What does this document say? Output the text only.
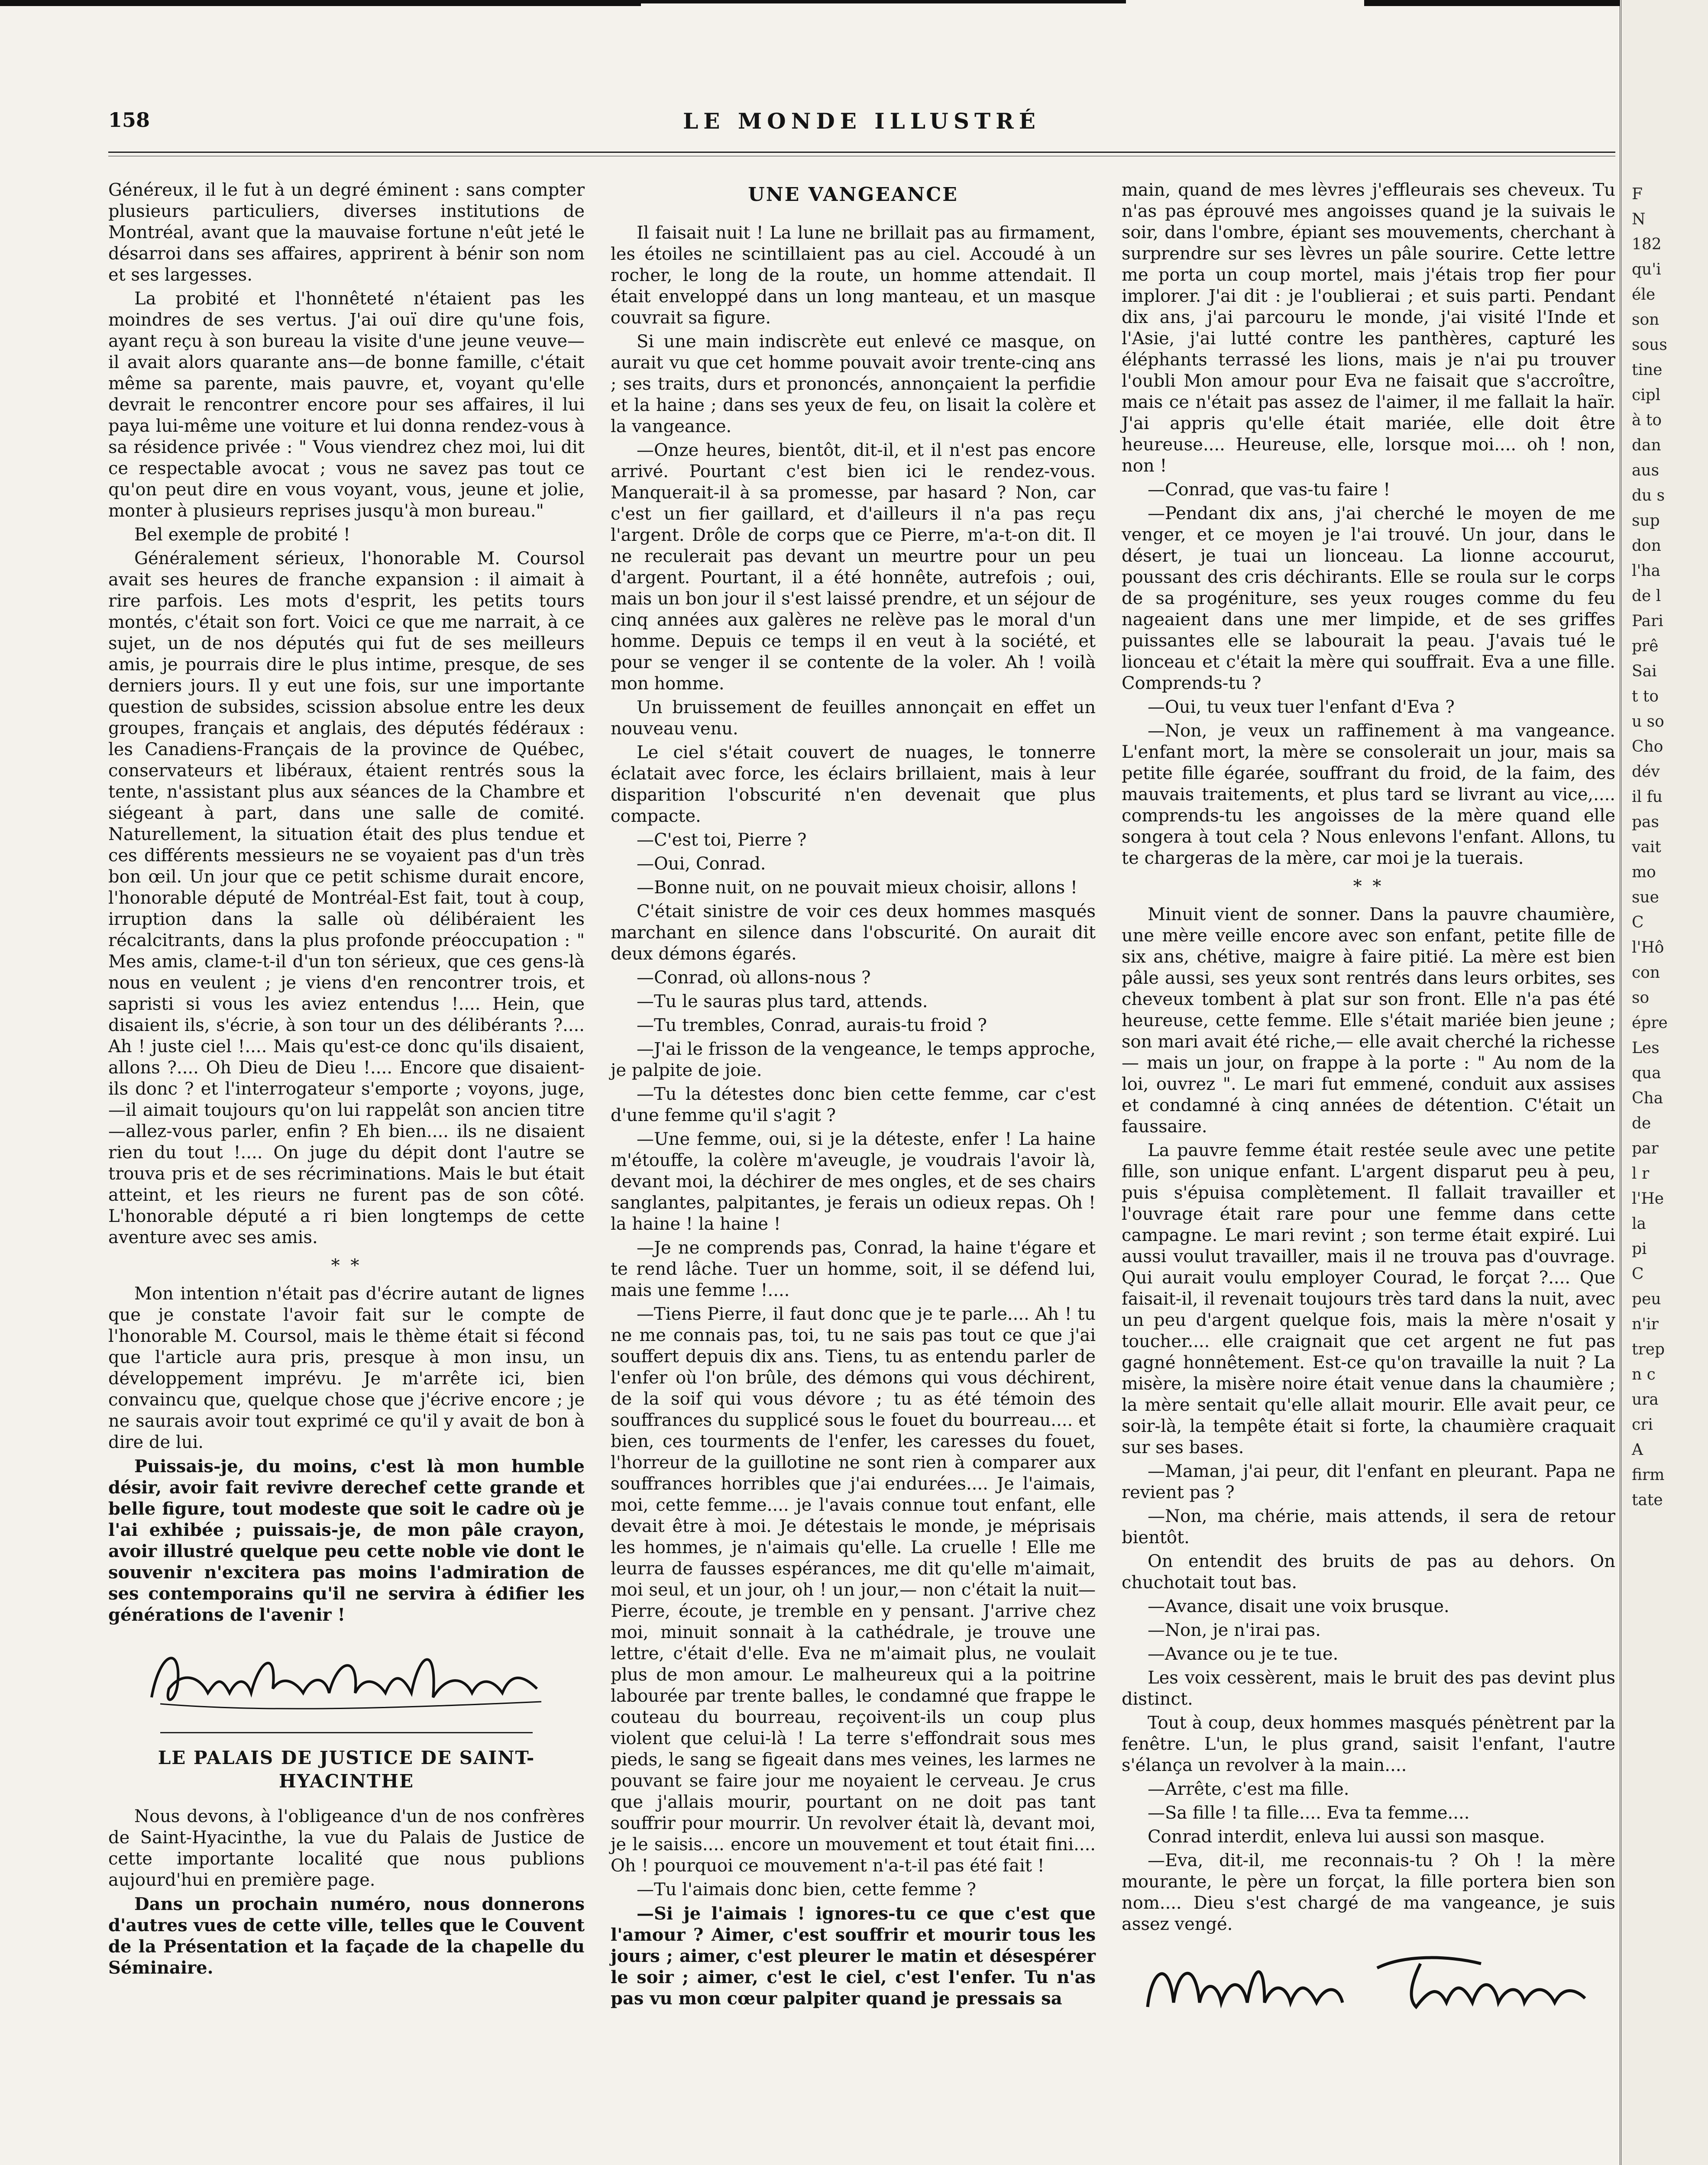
158	LE MONDE ILLUSTRÉ

Généreux, il le fut à un degré éminent : sans compter plusieurs particuliers, diverses institutions de Montréal, avant que la mauvaise fortune n'eût jeté le désarroi dans ses affaires, apprirent à bénir son nom et ses largesses.

La probité et l'honnêteté n'étaient pas les moindres de ses vertus. J'ai ouï dire qu'une fois, ayant reçu à son bureau la visite d'une jeune veuve—il avait alors quarante ans—de bonne famille, c'était même sa parente, mais pauvre, et, voyant qu'elle devrait le rencontrer encore pour ses affaires, il lui paya lui-même une voiture et lui donna rendez-vous à sa résidence privée : " Vous viendrez chez moi, lui dit ce respectable avocat ; vous ne savez pas tout ce qu'on peut dire en vous voyant, vous, jeune et jolie, monter à plusieurs reprises jusqu'à mon bureau."

Bel exemple de probité !

Généralement sérieux, l'honorable M. Coursol avait ses heures de franche expansion : il aimait à rire parfois. Les mots d'esprit, les petits tours montés, c'était son fort. Voici ce que me narrait, à ce sujet, un de nos députés qui fut de ses meilleurs amis, je pourrais dire le plus intime, presque, de ses derniers jours. Il y eut une fois, sur une importante question de subsides, scission absolue entre les deux groupes, français et anglais, des députés fédéraux : les Canadiens-Français de la province de Québec, conservateurs et libéraux, étaient rentrés sous la tente, n'assistant plus aux séances de la Chambre et siégeant à part, dans une salle de comité. Naturellement, la situation était des plus tendue et ces différents messieurs ne se voyaient pas d'un très bon œil. Un jour que ce petit schisme durait encore, l'honorable député de Montréal-Est fait, tout à coup, irruption dans la salle où délibéraient les récalcitrants, dans la plus profonde préoccupation : " Mes amis, clame-t-il d'un ton sérieux, que ces gens-là nous en veulent ; je viens d'en rencontrer trois, et sapristi si vous les aviez entendus !.... Hein, que disaient ils, s'écrie, à son tour un des délibérants ?.... Ah ! juste ciel !.... Mais qu'est-ce donc qu'ils disaient, allons ?.... Oh Dieu de Dieu !.... Encore que disaient-ils donc ? et l'interrogateur s'emporte ; voyons, juge, —il aimait toujours qu'on lui rappelât son ancien titre—allez-vous parler, enfin ? Eh bien.... ils ne disaient rien du tout !.... On juge du dépit dont l'autre se trouva pris et de ses récriminations. Mais le but était atteint, et les rieurs ne furent pas de son côté. L'honorable député a ri bien longtemps de cette aventure avec ses amis.

* *

Mon intention n'était pas d'écrire autant de lignes que je constate l'avoir fait sur le compte de l'honorable M. Coursol, mais le thème était si fécond que l'article aura pris, presque à mon insu, un développement imprévu. Je m'arrête ici, bien convaincu que, quelque chose que j'écrive encore ; je ne saurais avoir tout exprimé ce qu'il y avait de bon à dire de lui.

Puissais-je, du moins, c'est là mon humble désir, avoir fait revivre derechef cette grande et belle figure, tout modeste que soit le cadre où je l'ai exhibée ; puissais-je, de mon pâle crayon, avoir illustré quelque peu cette noble vie dont le souvenir n'excitera pas moins l'admiration de ses contemporains qu'il ne servira à édifier les générations de l'avenir !

LE PALAIS DE JUSTICE DE SAINT-HYACINTHE

Nous devons, à l'obligeance d'un de nos confrères de Saint-Hyacinthe, la vue du Palais de Justice de cette importante localité que nous publions aujourd'hui en première page.

Dans un prochain numéro, nous donnerons d'autres vues de cette ville, telles que le Couvent de la Présentation et la façade de la chapelle du Séminaire.

UNE VANGEANCE

Il faisait nuit ! La lune ne brillait pas au firmament, les étoiles ne scintillaient pas au ciel. Accoudé à un rocher, le long de la route, un homme attendait. Il était enveloppé dans un long manteau, et un masque couvrait sa figure.

Si une main indiscrète eut enlevé ce masque, on aurait vu que cet homme pouvait avoir trente-cinq ans ; ses traits, durs et prononcés, annonçaient la perfidie et la haine ; dans ses yeux de feu, on lisait la colère et la vangeance.

—Onze heures, bientôt, dit-il, et il n'est pas encore arrivé. Pourtant c'est bien ici le rendez-vous. Manquerait-il à sa promesse, par hasard ? Non, car c'est un fier gaillard, et d'ailleurs il n'a pas reçu l'argent. Drôle de corps que ce Pierre, m'a-t-on dit. Il ne reculerait pas devant un meurtre pour un peu d'argent. Pourtant, il a été honnête, autrefois ; oui, mais un bon jour il s'est laissé prendre, et un séjour de cinq années aux galères ne relève pas le moral d'un homme. Depuis ce temps il en veut à la société, et pour se venger il se contente de la voler. Ah ! voilà mon homme.

Un bruissement de feuilles annonçait en effet un nouveau venu.

Le ciel s'était couvert de nuages, le tonnerre éclatait avec force, les éclairs brillaient, mais à leur disparition l'obscurité n'en devenait que plus compacte.

—C'est toi, Pierre ?

—Oui, Conrad.

—Bonne nuit, on ne pouvait mieux choisir, allons !

C'était sinistre de voir ces deux hommes masqués marchant en silence dans l'obscurité. On aurait dit deux démons égarés.

—Conrad, où allons-nous ?

—Tu le sauras plus tard, attends.

—Tu trembles, Conrad, aurais-tu froid ?

—J'ai le frisson de la vengeance, le temps approche, je palpite de joie.

—Tu la détestes donc bien cette femme, car c'est d'une femme qu'il s'agit ?

—Une femme, oui, si je la déteste, enfer ! La haine m'étouffe, la colère m'aveugle, je voudrais l'avoir là, devant moi, la déchirer de mes ongles, et de ses chairs sanglantes, palpitantes, je ferais un odieux repas. Oh ! la haine ! la haine !

—Je ne comprends pas, Conrad, la haine t'égare et te rend lâche. Tuer un homme, soit, il se défend lui, mais une femme !....

—Tiens Pierre, il faut donc que je te parle.... Ah ! tu ne me connais pas, toi, tu ne sais pas tout ce que j'ai souffert depuis dix ans. Tiens, tu as entendu parler de l'enfer où l'on brûle, des démons qui vous déchirent, de la soif qui vous dévore ; tu as été témoin des souffrances du supplicé sous le fouet du bourreau.... et bien, ces tourments de l'enfer, les caresses du fouet, l'horreur de la guillotine ne sont rien à comparer aux souffrances horribles que j'ai endurées.... Je l'aimais, moi, cette femme.... je l'avais connue tout enfant, elle devait être à moi. Je détestais le monde, je méprisais les hommes, je n'aimais qu'elle. La cruelle ! Elle me leurra de fausses espérances, me dit qu'elle m'aimait, moi seul, et un jour, oh ! un jour,— non c'était la nuit—Pierre, écoute, je tremble en y pensant. J'arrive chez moi, minuit sonnait à la cathédrale, je trouve une lettre, c'était d'elle. Eva ne m'aimait plus, ne voulait plus de mon amour. Le malheureux qui a la poitrine labourée par trente balles, le condamné que frappe le couteau du bourreau, reçoivent-ils un coup plus violent que celui-là ! La terre s'effondrait sous mes pieds, le sang se figeait dans mes veines, les larmes ne pouvant se faire jour me noyaient le cerveau. Je crus que j'allais mourir, pourtant on ne doit pas tant souffrir pour mourrir. Un revolver était là, devant moi, je le saisis.... encore un mouvement et tout était fini.... Oh ! pourquoi ce mouvement n'a-t-il pas été fait !

—Tu l'aimais donc bien, cette femme ?

—Si je l'aimais ! ignores-tu ce que c'est que l'amour ? Aimer, c'est souffrir et mourir tous les jours ; aimer, c'est pleurer le matin et désespérer le soir ; aimer, c'est le ciel, c'est l'enfer. Tu n'as pas vu mon cœur palpiter quand je pressais sa

main, quand de mes lèvres j'effleurais ses cheveux. Tu n'as pas éprouvé mes angoisses quand je la suivais le soir, dans l'ombre, épiant ses mouvements, cherchant à surprendre sur ses lèvres un pâle sourire. Cette lettre me porta un coup mortel, mais j'étais trop fier pour implorer. J'ai dit : je l'oublierai ; et suis parti. Pendant dix ans, j'ai parcouru le monde, j'ai visité l'Inde et l'Asie, j'ai lutté contre les panthères, capturé les éléphants terrassé les lions, mais je n'ai pu trouver l'oubli Mon amour pour Eva ne faisait que s'accroître, mais ce n'était pas assez de l'aimer, il me fallait la haïr. J'ai appris qu'elle était mariée, elle doit être heureuse.... Heureuse, elle, lorsque moi.... oh ! non, non !

—Conrad, que vas-tu faire !

—Pendant dix ans, j'ai cherché le moyen de me venger, et ce moyen je l'ai trouvé. Un jour, dans le désert, je tuai un lionceau. La lionne accourut, poussant des cris déchirants. Elle se roula sur le corps de sa progéniture, ses yeux rouges comme du feu nageaient dans une mer limpide, et de ses griffes puissantes elle se labourait la peau. J'avais tué le lionceau et c'était la mère qui souffrait. Eva a une fille. Comprends-tu ?

—Oui, tu veux tuer l'enfant d'Eva ?

—Non, je veux un raffinement à ma vangeance. L'enfant mort, la mère se consolerait un jour, mais sa petite fille égarée, souffrant du froid, de la faim, des mauvais traitements, et plus tard se livrant au vice,.... comprends-tu les angoisses de la mère quand elle songera à tout cela ? Nous enlevons l'enfant. Allons, tu te chargeras de la mère, car moi je la tuerais.

* *

Minuit vient de sonner. Dans la pauvre chaumière, une mère veille encore avec son enfant, petite fille de six ans, chétive, maigre à faire pitié. La mère est bien pâle aussi, ses yeux sont rentrés dans leurs orbites, ses cheveux tombent à plat sur son front. Elle n'a pas été heureuse, cette femme. Elle s'était mariée bien jeune ; son mari avait été riche,— elle avait cherché la richesse— mais un jour, on frappe à la porte : " Au nom de la loi, ouvrez ". Le mari fut emmené, conduit aux assises et condamné à cinq années de détention. C'était un faussaire.

La pauvre femme était restée seule avec une petite fille, son unique enfant. L'argent disparut peu à peu, puis s'épuisa complètement. Il fallait travailler et l'ouvrage était rare pour une femme dans cette campagne. Le mari revint ; son terme était expiré. Lui aussi voulut travailler, mais il ne trouva pas d'ouvrage. Qui aurait voulu employer Courad, le forçat ?.... Que faisait-il, il revenait toujours très tard dans la nuit, avec un peu d'argent quelque fois, mais la mère n'osait y toucher.... elle craignait que cet argent ne fut pas gagné honnêtement. Est-ce qu'on travaille la nuit ? La misère, la misère noire était venue dans la chaumière ; la mère sentait qu'elle allait mourir. Elle avait peur, ce soir-là, la tempête était si forte, la chaumière craquait sur ses bases.

—Maman, j'ai peur, dit l'enfant en pleurant. Papa ne revient pas ?

—Non, ma chérie, mais attends, il sera de retour bientôt.

On entendit des bruits de pas au dehors. On chuchotait tout bas.

—Avance, disait une voix brusque.

—Non, je n'irai pas.

—Avance ou je te tue.

Les voix cessèrent, mais le bruit des pas devint plus distinct.

Tout à coup, deux hommes masqués pénètrent par la fenêtre. L'un, le plus grand, saisit l'enfant, l'autre s'élança un revolver à la main....

—Arrête, c'est ma fille.

—Sa fille ! ta fille.... Eva ta femme....

Conrad interdit, enleva lui aussi son masque.

—Eva, dit-il, me reconnais-tu ? Oh ! la mère mourante, le père un forçat, la fille portera bien son nom.... Dieu s'est chargé de ma vangeance, je suis assez vengé.

F
N
182
qu'i
éle
son
sous
tine
cipl
à to
dan
aus
du s
sup
don
l'ha
de l
Pari
prê
Sai
t to
u so
Cho
dév
il fu
pas
vait
mo
sue
C
l'Hô
con
so
épre
Les
qua
Cha
de
par
l r
l'He
la
pi
C
peu
n'ir
trep
n c
ura
cri
A
firm
tate
